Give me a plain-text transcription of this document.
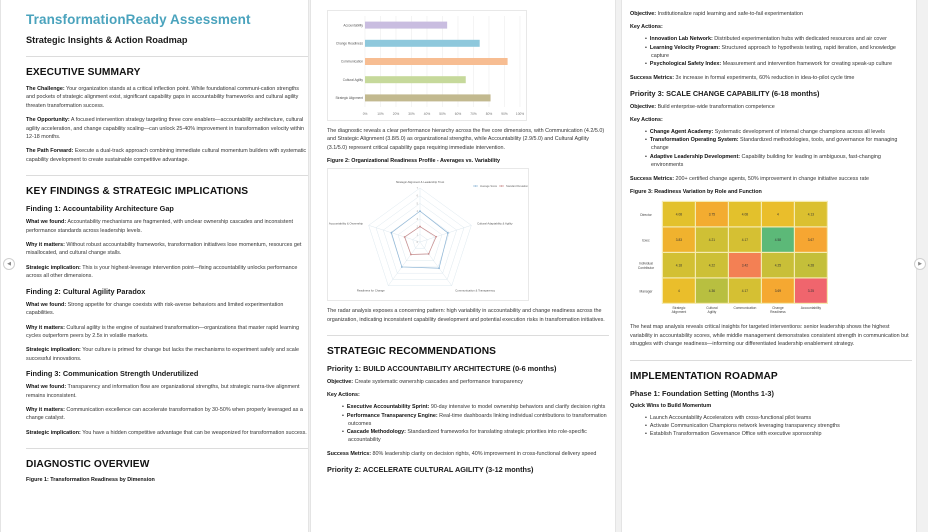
TransformationReady Assessment
Strategic Insights & Action Roadmap
EXECUTIVE SUMMARY

The Challenge: Your organization stands at a critical inflection point. While foundational communi-cation strengths and pockets of strategic alignment exist, significant capability gaps in accountability frameworks and cultural agility threaten transformation success.

The Opportunity: A focused intervention strategy targeting three core enablers—accountability architecture, cultural agility acceleration, and change capability scaling—can unlock 25-40% improvement in transformation velocity within 12-18 months.

The Path Forward: Execute a dual-track approach combining immediate cultural momentum builders with systematic capability development to create sustainable competitive advantage.

KEY FINDINGS & STRATEGIC IMPLICATIONS
Finding 1: Accountability Architecture Gap

What we found: Accountability mechanisms are fragmented, with unclear ownership cascades and inconsistent performance standards across leadership levels.

Why it matters: Without robust accountability frameworks, transformation initiatives lose momentum, resources get misallocated, and cultural change stalls.

Strategic implication: This is your highest-leverage intervention point—fixing accountability unlocks performance across all other dimensions.

Finding 2: Cultural Agility Paradox

What we found: Strong appetite for change coexists with risk-averse behaviors and limited experimentation capabilities.

Why it matters: Cultural agility is the engine of sustained transformation—organizations that master rapid learning cycles outperform peers by 2.5x in volatile markets.

Strategic implication: Your culture is primed for change but lacks the mechanisms to experiment safely and scale successful innovations.

Finding 3: Communication Strength Underutilized

What we found: Transparency and information flow are organizational strengths, but strategic narra-tive alignment remains inconsistent.

Why it matters: Communication excellence can accelerate transformation by 30-50% when properly leveraged as a change catalyst.

Strategic implication: You have a hidden competitive advantage that can be weaponized for transformation success.

DIAGNOSTIC OVERVIEW
Figure 1: Transformation Readiness by Dimension
0%	10%	20%	30%	40%	50%	60%	70%	80%	90%	100%
Accountability
Change Readiness
Communication
Cultural Agility
Strategic Alignment

The diagnostic reveals a clear performance hierarchy across the five core dimensions, with Communication (4.2/5.0) and Strategic Alignment (3.8/5.0) as organizational strengths, while Accountability (2.9/5.0) and Cultural Agility (3.1/5.0) represent critical capability gaps requiring immediate intervention.

Figure 2: Organizational Readiness Profile - Averages vs. Variability
Strategic Alignment & Leadership Trust
Cultural Adaptability & Agility
Communication & Transparency
Readiness for Change
Accountability & Ownership
0
1
2
3
4
5
6
7
Average Score	Standard Deviation

The radar analysis exposes a concerning pattern: high variability in accountability and change readiness across the organization, indicating inconsistent capability development and potential execution risks in transformation initiatives.

STRATEGIC RECOMMENDATIONS
Priority 1: BUILD ACCOUNTABILITY ARCHITECTURE (0-6 months)

Objective: Create systematic ownership cascades and performance transparency

Key Actions:
• Executive Accountability Sprint: 90-day intensive to model ownership behaviors and clarify decision rights
• Performance Transparency Engine: Real-time dashboards linking individual contributions to transformation outcomes
• Cascade Methodology: Standardized frameworks for translating strategic priorities into role-specific accountability

Success Metrics: 80% leadership clarity on decision rights, 40% improvement in cross-functional delivery speed

Priority 2: ACCELERATE CULTURAL AGILITY (3-12 months)

Objective: Institutionalize rapid learning and safe-to-fail experimentation

Key Actions:
• Innovation Lab Network: Distributed experimentation hubs with dedicated resources and air cover
• Learning Velocity Program: Structured approach to hypothesis testing, rapid iteration, and knowledge capture
• Psychological Safety Index: Measurement and intervention framework for creating speak-up culture

Success Metrics: 3x increase in formal experiments, 60% reduction in idea-to-pilot cycle time

Priority 3: SCALE CHANGE CAPABILITY (6-18 months)

Objective: Build enterprise-wide transformation competence

Key Actions:
• Change Agent Academy: Systematic development of internal change champions across all levels
• Transformation Operating System: Standardized methodologies, tools, and governance for managing change
• Adaptive Leadership Development: Capability building for leading in ambiguous, fast-changing environments

Success Metrics: 200+ certified change agents, 50% improvement in change initiative success rate

Figure 3: Readiness Variation by Role and Function
4.08	3.75	4.08	4	4.13
Director
3.83	4.21	4.17	4.58	3.67
Exec
4.18	4.22	3.42	4.25	4.28
Individual
Contributor
4	4.36	4.17	3.69	3.25
Manager
Strategic
Alignment
Cultural
Agility
Communication	Change
Readiness
Accountability

The heat map analysis reveals critical insights for targeted interventions: senior leadership shows the highest variability in accountability scores, while middle management demonstrates consistent strength in communication but struggles with change readiness—informing our differentiated leadership enablement strategy.

IMPLEMENTATION ROADMAP
Phase 1: Foundation Setting (Months 1-3)
Quick Wins to Build Momentum
• Launch Accountability Accelerators with cross-functional pilot teams
• Activate Communication Champions network leveraging transparency strengths
• Establish Transformation Governance Office with executive sponsorship
◀	▶
